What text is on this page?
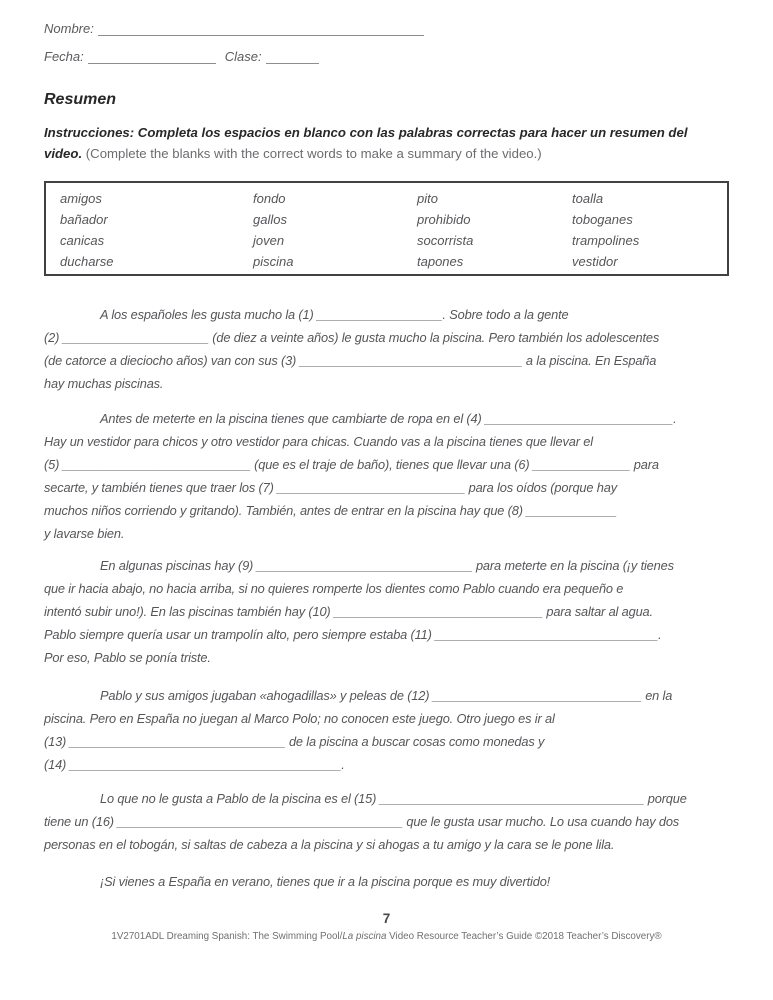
Nombre:
Fecha:	Clase:
Resumen
Instrucciones: Completa los espacios en blanco con las palabras correctas para hacer un resumen del
video. (Complete the blanks with the correct words to make a summary of the video.)
amigos
bañador
canicas
ducharse
fondo
gallos
joven
piscina
pito
prohibido
socorrista
tapones
toalla
toboganes
trampolines
vestidor
A los españoles les gusta mucho la (1) __________________. Sobre todo a la gente
(2) _____________________ (de diez a veinte años) le gusta mucho la piscina. Pero también los adolescentes
(de catorce a dieciocho años) van con sus (3) ________________________________ a la piscina. En España
hay muchas piscinas.
Antes de meterte en la piscina tienes que cambiarte de ropa en el (4) ___________________________.
Hay un vestidor para chicos y otro vestidor para chicas. Cuando vas a la piscina tienes que llevar el
(5) ___________________________ (que es el traje de baño), tienes que llevar una (6) ______________ para
secarte, y también tienes que traer los (7) ___________________________ para los oídos (porque hay
muchos niños corriendo y gritando). También, antes de entrar en la piscina hay que (8) _____________
y lavarse bien.
En algunas piscinas hay (9) _______________________________ para meterte en la piscina (¡y tienes
que ir hacia abajo, no hacia arriba, si no quieres romperte los dientes como Pablo cuando era pequeño e
intentó subir uno!). En las piscinas también hay (10) ______________________________ para saltar al agua.
Pablo siempre quería usar un trampolín alto, pero siempre estaba (11) ________________________________.
Por eso, Pablo se ponía triste.
Pablo y sus amigos jugaban «ahogadillas» y peleas de (12) ______________________________ en la
piscina. Pero en España no juegan al Marco Polo; no conocen este juego. Otro juego es ir al
(13) _______________________________ de la piscina a buscar cosas como monedas y
(14) _______________________________________.
Lo que no le gusta a Pablo de la piscina es el (15) ______________________________________ porque
tiene un (16) _________________________________________ que le gusta usar mucho. Lo usa cuando hay dos
personas en el tobogán, si saltas de cabeza a la piscina y si ahogas a tu amigo y la cara se le pone lila.
¡Si vienes a España en verano, tienes que ir a la piscina porque es muy divertido!
7
1V2701ADL Dreaming Spanish: The Swimming Pool/La piscina Video Resource Teacher’s Guide ©2018 Teacher’s Discovery®
